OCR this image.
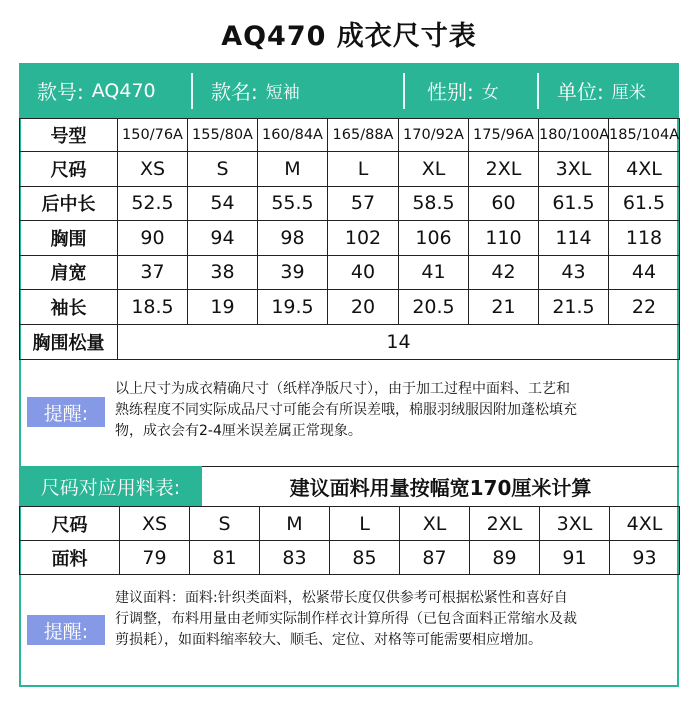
AQ470 成衣尺寸表
款号: AQ470	款名: 短袖	性别: 女	单位: 厘米
号型	150/76A	155/80A	160/84A	165/88A	170/92A	175/96A	180/100A	185/104A
尺码	XS	S	M	L	XL	2XL	3XL	4XL
后中长	52.5	54	55.5	57	58.5	60	61.5	61.5
胸围	90	94	98	102	106	110	114	118
肩宽	37	38	39	40	41	42	43	44
袖长	18.5	19	19.5	20	20.5	21	21.5	22
胸围松量	14							
提醒:
以上尺寸为成衣精确尺寸（纸样净版尺寸），由于加工过程中面料、工艺和
熟练程度不同实际成品尺寸可能会有所误差哦，棉服羽绒服因附加蓬松填充
物，成衣会有2-4厘米误差属正常现象。
尺码对应用料表:	建议面料用量按幅宽170厘米计算
尺码	XS	S	M	L	XL	2XL	3XL	4XL
面料	79	81	83	85	87	89	91	93
提醒:
建议面料：面料:针织类面料，松紧带长度仅供参考可根据松紧性和喜好自
行调整，布料用量由老师实际制作样衣计算所得（已包含面料正常缩水及裁
剪损耗），如面料缩率较大、顺毛、定位、对格等可能需要相应增加。
